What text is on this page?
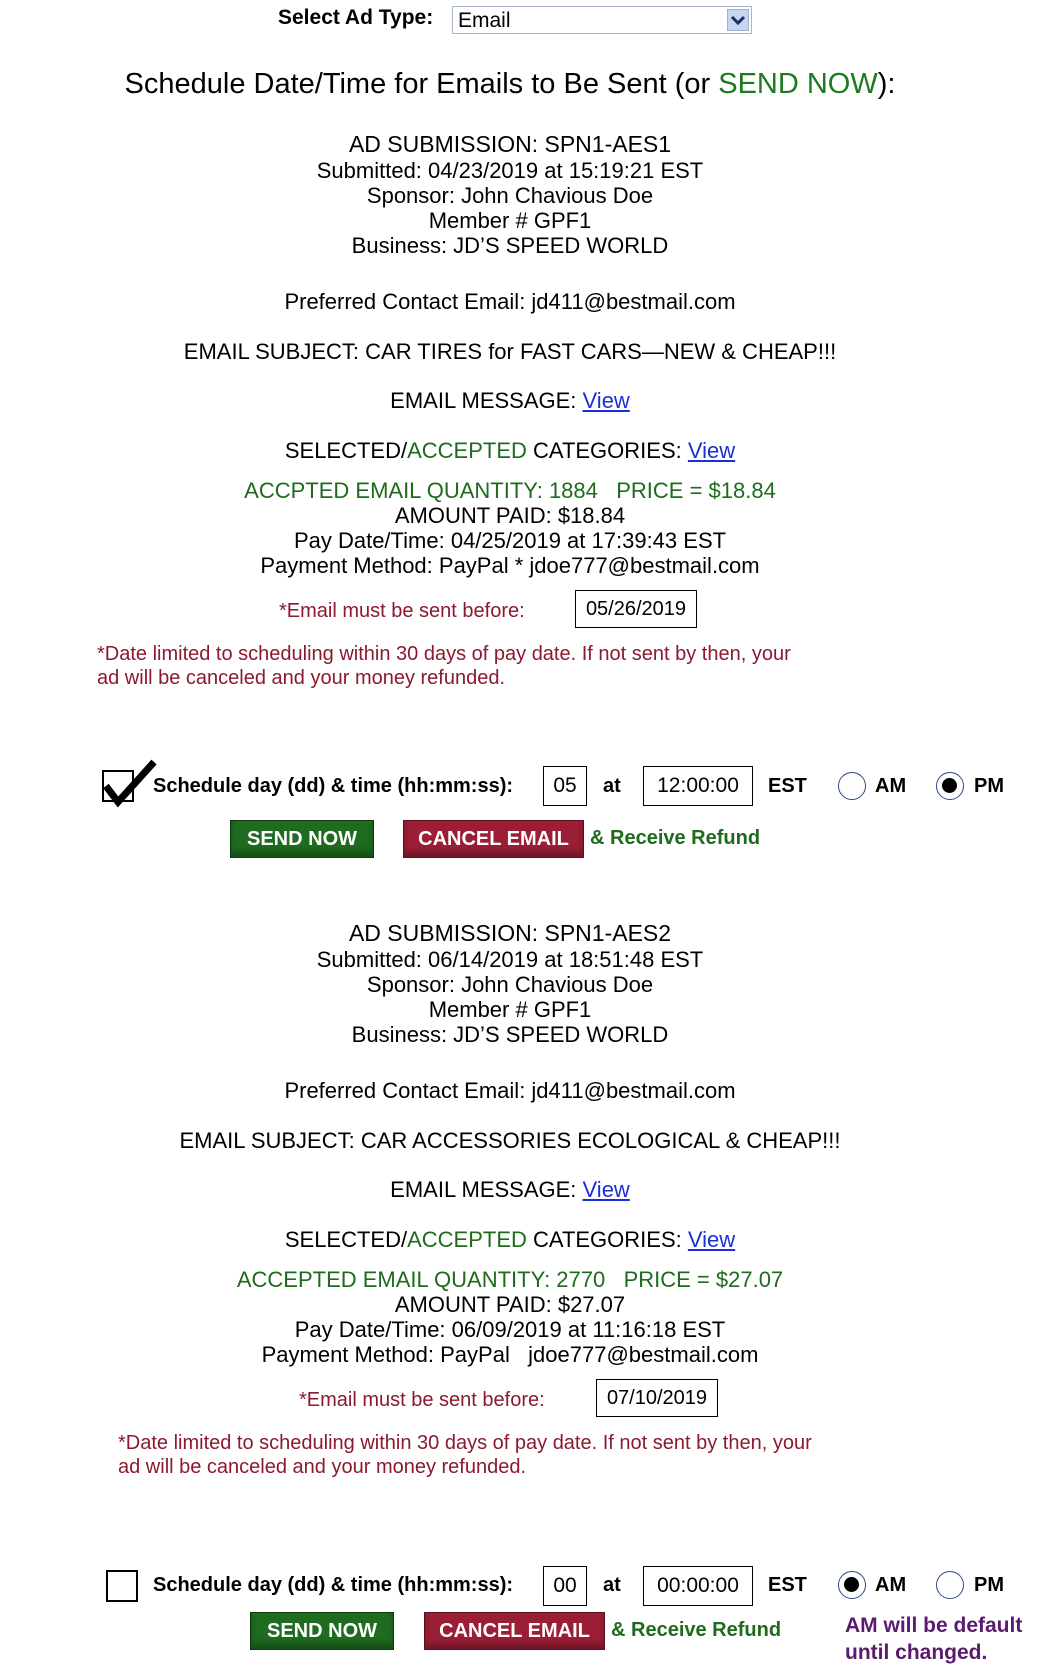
Select Ad Type: Email
Schedule Date/Time for Emails to Be Sent (or SEND NOW):
AD SUBMISSION: SPN1-AES1
Submitted: 04/23/2019 at 15:19:21 EST
Sponsor: John Chavious Doe
Member # GPF1
Business: JD’S SPEED WORLD
Preferred Contact Email: jd411@bestmail.com
EMAIL SUBJECT: CAR TIRES for FAST CARS—NEW & CHEAP!!!
EMAIL MESSAGE: View
SELECTED/ACCEPTED CATEGORIES: View
ACCPTED EMAIL QUANTITY: 1884   PRICE = $18.84
AMOUNT PAID: $18.84
Pay Date/Time: 04/25/2019 at 17:39:43 EST
Payment Method: PayPal * jdoe777@bestmail.com
*Email must be sent before:	05/26/2019
*Date limited to scheduling within 30 days of pay date. If not sent by then, your
ad will be canceled and your money refunded.
Schedule day (dd) & time (hh:mm:ss):	05	at	12:00:00	EST	AM	PM
SEND NOW	CANCEL EMAIL	& Receive Refund
AD SUBMISSION: SPN1-AES2
Submitted: 06/14/2019 at 18:51:48 EST
Sponsor: John Chavious Doe
Member # GPF1
Business: JD’S SPEED WORLD
Preferred Contact Email: jd411@bestmail.com
EMAIL SUBJECT: CAR ACCESSORIES ECOLOGICAL & CHEAP!!!
EMAIL MESSAGE: View
SELECTED/ACCEPTED CATEGORIES: View
ACCEPTED EMAIL QUANTITY: 2770   PRICE = $27.07
AMOUNT PAID: $27.07
Pay Date/Time: 06/09/2019 at 11:16:18 EST
Payment Method: PayPal   jdoe777@bestmail.com
*Email must be sent before:	07/10/2019
*Date limited to scheduling within 30 days of pay date. If not sent by then, your
ad will be canceled and your money refunded.
Schedule day (dd) & time (hh:mm:ss):	00	at	00:00:00	EST	AM	PM
SEND NOW	CANCEL EMAIL	& Receive Refund	AM will be default
until changed.
